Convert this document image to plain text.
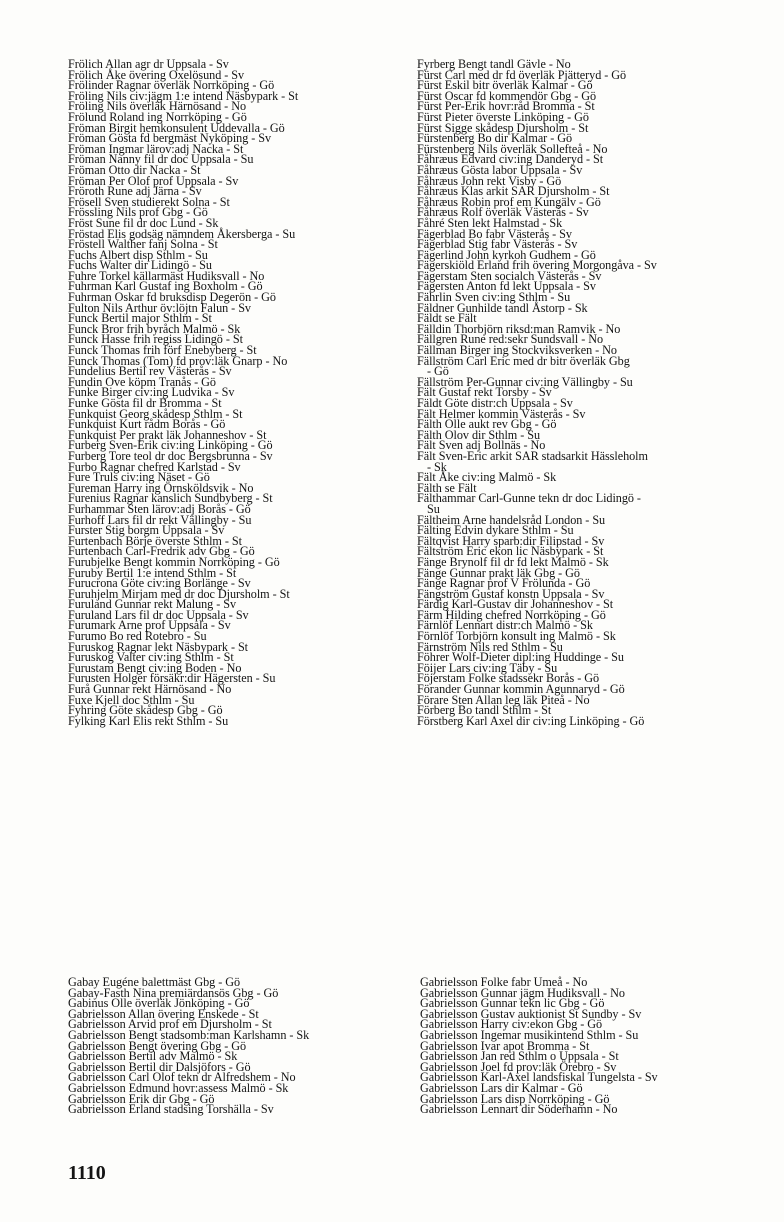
Frölich Allan agr dr Uppsala - Sv
Frölich Åke övering Oxelösund - Sv
Frölinder Ragnar överläk Norrköping - Gö
Fröling Nils civ:jägm 1:e intend Näsbypark - St
Fröling Nils överläk Härnösand - No
Frölund Roland ing Norrköping - Gö
Fröman Birgit hemkonsulent Uddevalla - Gö
Fröman Gösta fd bergmäst Nyköping - Sv
Fröman Ingmar lärov:adj Nacka - St
Fröman Nanny fil dr doc Uppsala - Su
Fröman Otto dir Nacka - St
Fröman Per Olof prof Uppsala - Sv
Fröroth Rune adj Järna - Sv
Frösell Sven studierekt Solna - St
Frössling Nils prof Gbg - Gö
Fröst Sune fil dr doc Lund - Sk
Fröstad Elis godsäg nämndem Åkersberga - Su
Fröstell Walther fanj Solna - St
Fuchs Albert disp Sthlm - Su
Fuchs Walter dir Lidingö - Su
Fuhre Torkel källarmäst Hudiksvall - No
Fuhrman Karl Gustaf ing Boxholm - Gö
Fuhrman Oskar fd bruksdisp Degerön - Gö
Fulton Nils Arthur öv:löjtn Falun - Sv
Funck Bertil major Sthlm - St
Funck Bror frih byråch Malmö - Sk
Funck Hasse frih regiss Lidingö - St
Funck Thomas frih förf Enebyberg - St
Funck Thomas (Tom) fd prov:läk Gnarp - No
Fundelius Bertil rev Västerås - Sv
Fundin Ove köpm Tranås - Gö
Funke Birger civ:ing Ludvika - Sv
Funke Gösta fil dr Bromma - St
Funkquist Georg skådesp Sthlm - St
Funkquist Kurt rådm Borås - Gö
Funkquist Per prakt läk Johanneshov - St
Furberg Sven-Erik civ:ing Linköping - Gö
Furberg Tore teol dr doc Bergsbrunna - Sv
Furbo Ragnar chefred Karlstad - Sv
Fure Truls civ:ing Näset - Gö
Fureman Harry ing Örnsköldsvik - No
Furenius Ragnar kanslich Sundbyberg - St
Furhammar Sten lärov:adj Borås - Gö
Furhoff Lars fil dr rekt Vällingby - Su
Furster Stig borgm Uppsala - Sv
Furtenbach Börje överste Sthlm - St
Furtenbach Carl-Fredrik adv Gbg - Gö
Furubjelke Bengt kommin Norrköping - Gö
Furuby Bertil 1:e intend Sthlm - St
Furucrona Göte civ:ing Borlänge - Sv
Furuhjelm Mirjam med dr doc Djursholm - St
Furuland Gunnar rekt Malung - Sv
Furuland Lars fil dr doc Uppsala - Sv
Furumark Arne prof Uppsala - Sv
Furumo Bo red Rotebro - Su
Furuskog Ragnar lekt Näsbypark - St
Furuskog Valter civ:ing Sthlm - St
Furustam Bengt civ:ing Boden - No
Furusten Holger försäkr:dir Hägersten - Su
Furå Gunnar rekt Härnösand - No
Fuxe Kjell doc Sthlm - Su
Fyhring Göte skådesp Gbg - Gö
Fylking Karl Elis rekt Sthlm - Su
Fyrberg Bengt tandl Gävle - No
Fürst Carl med dr fd överläk Pjätteryd - Gö
Fürst Eskil bitr överläk Kalmar - Gö
Fürst Oscar fd kommendör Gbg - Gö
Fürst Per-Erik hovr:råd Bromma - St
Fürst Pieter överste Linköping - Gö
Fürst Sigge skådesp Djursholm - St
Fürstenberg Bo dir Kalmar - Gö
Fürstenberg Nils överläk Sollefteå - No
Fåhræus Edvard civ:ing Danderyd - St
Fåhræus Gösta labor Uppsala - Sv
Fåhræus John rekt Visby - Gö
Fåhræus Klas arkit SAR Djursholm - St
Fåhræus Robin prof em Kungälv - Gö
Fåhræus Rolf överläk Västerås - Sv
Fåhré Sten lekt Halmstad - Sk
Fägerblad Bo fabr Västerås - Sv
Fägerblad Stig fabr Västerås - Sv
Fägerlind John kyrkoh Gudhem - Gö
Fägerskiöld Erland frih övering Morgongåva - Sv
Fägerstam Sten socialch Västerås - Sv
Fägersten Anton fd lekt Uppsala - Sv
Fährlin Sven civ:ing Sthlm - Su
Fäldner Gunhilde tandl Åstorp - Sk
Fäldt se Fält
Fälldin Thorbjörn riksd:man Ramvik - No
Fällgren Rune red:sekr Sundsvall - No
Fällman Birger ing Stockviksverken - No
Fällström Carl Eric med dr bitr överläk Gbg
- Gö
Fällström Per-Gunnar civ:ing Vällingby - Su
Fält Gustaf rekt Torsby - Sv
Fäldt Göte distr:ch Uppsala - Sv
Fält Helmer kommin Västerås - Sv
Fälth Olle aukt rev Gbg - Gö
Fälth Olov dir Sthlm - Su
Fält Sven adj Bollnäs - No
Fält Sven-Eric arkit SAR stadsarkit Hässleholm
- Sk
Fält Åke civ:ing Malmö - Sk
Fälth se Fält
Fälthammar Carl-Gunne tekn dr doc Lidingö -
Su
Fältheim Arne handelsråd London - Su
Fälting Edvin dykare Sthlm - Su
Fältqvist Harry sparb:dir Filipstad - Sv
Fältström Eric ekon lic Näsbypark - St
Fänge Brynolf fil dr fd lekt Malmö - Sk
Fänge Gunnar prakt läk Gbg - Gö
Fänge Ragnar prof V Frölunda - Gö
Fängström Gustaf konstn Uppsala - Sv
Färdig Karl-Gustav dir Johanneshov - St
Färm Hilding chefred Norrköping - Gö
Färnlöf Lennart distr:ch Malmö - Sk
Förnlöf Torbjörn konsult ing Malmö - Sk
Färnström Nils red Sthlm - Su
Föhrer Wolf-Dieter dipl:ing Huddinge - Su
Föijer Lars civ:ing Täby - Su
Föjerstam Folke stadssekr Borås - Gö
Förander Gunnar kommin Agunnaryd - Gö
Förare Sten Allan leg läk Piteå - No
Förberg Bo tandl Sthlm - St
Förstberg Karl Axel dir civ:ing Linköping - Gö
Gabay Eugéne balettmäst Gbg - Gö
Gabay-Fasth Nina premiärdansös Gbg - Gö
Gabinus Olle överläk Jönköping - Gö
Gabrielsson Allan övering Enskede - St
Gabrielsson Arvid prof em Djursholm - St
Gabrielsson Bengt stadsomb:man Karlshamn - Sk
Gabrielsson Bengt övering Gbg - Gö
Gabrielsson Bertil adv Malmö - Sk
Gabrielsson Bertil dir Dalsjöfors - Gö
Gabrielsson Carl Olof tekn dr Alfredshem - No
Gabrielsson Edmund hovr:assess Malmö - Sk
Gabrielsson Erik dir Gbg - Gö
Gabrielsson Erland stadsing Torshälla - Sv
Gabrielsson Folke fabr Umeå - No
Gabrielsson Gunnar jägm Hudiksvall - No
Gabrielsson Gunnar tekn lic Gbg - Gö
Gabrielsson Gustav auktionist St Sundby - Sv
Gabrielsson Harry civ:ekon Gbg - Gö
Gabrielsson Ingemar musikintend Sthlm - Su
Gabrielsson Ivar apot Bromma - St
Gabrielsson Jan red Sthlm o Uppsala - St
Gabrielsson Joel fd prov:läk Örebro - Sv
Gabrielsson Karl-Axel landsfiskal Tungelsta - Sv
Gabrielsson Lars dir Kalmar - Gö
Gabrielsson Lars disp Norrköping - Gö
Gabrielsson Lennart dir Söderhamn - No
1110
